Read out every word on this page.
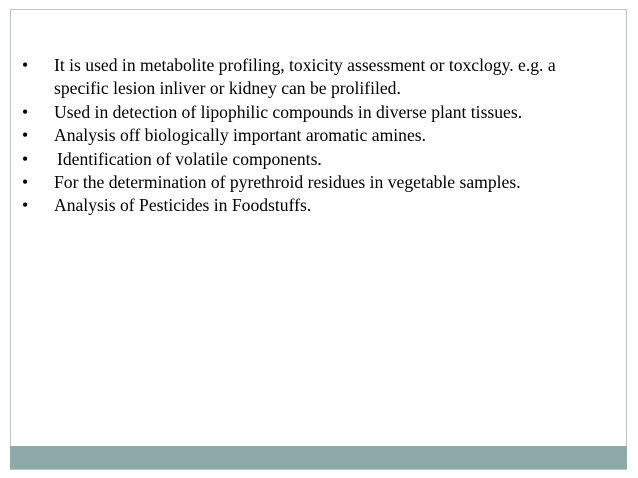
•	It is used in metabolite profiling, toxicity assessment or toxclogy. e.g. a specific lesion inliver or kidney can be prolifiled.
•	Used in detection of lipophilic compounds in diverse plant tissues.
•	Analysis off biologically important aromatic amines.
•	Identification of volatile components.
•	For the determination of pyrethroid residues in vegetable samples.
•	Analysis of Pesticides in Foodstuffs.
